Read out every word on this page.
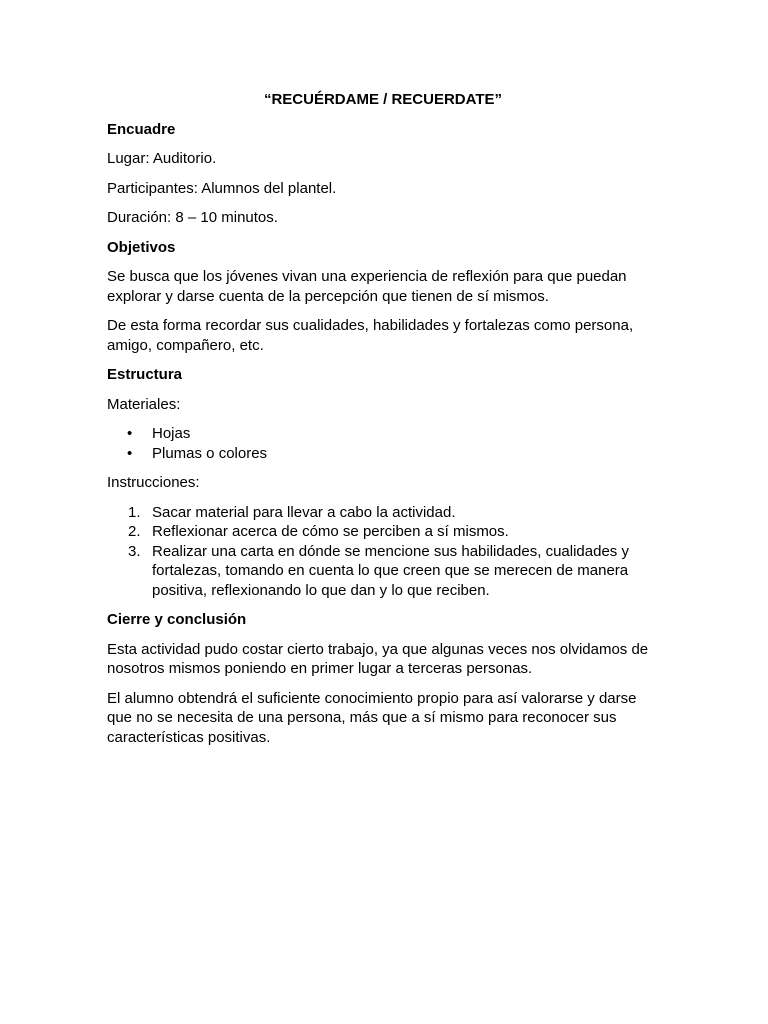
“RECUÉRDAME / RECUERDATE”
Encuadre

Lugar: Auditorio.

Participantes: Alumnos del plantel.

Duración: 8 – 10 minutos.

Objetivos

Se busca que los jóvenes vivan una experiencia de reflexión para que puedan explorar y darse cuenta de la percepción que tienen de sí mismos.

De esta forma recordar sus cualidades, habilidades y fortalezas como persona, amigo, compañero, etc.

Estructura

Materiales:

•	Hojas
•	Plumas o colores

Instrucciones:

1. Sacar material para llevar a cabo la actividad.
2. Reflexionar acerca de cómo se perciben a sí mismos.
3. Realizar una carta en dónde se mencione sus habilidades, cualidades y fortalezas, tomando en cuenta lo que creen que se merecen de manera positiva, reflexionando lo que dan y lo que reciben.
Cierre y conclusión

Esta actividad pudo costar cierto trabajo, ya que algunas veces nos olvidamos de nosotros mismos poniendo en primer lugar a terceras personas.

El alumno obtendrá el suficiente conocimiento propio para así valorarse y darse que no se necesita de una persona, más que a sí mismo para reconocer sus características positivas.
